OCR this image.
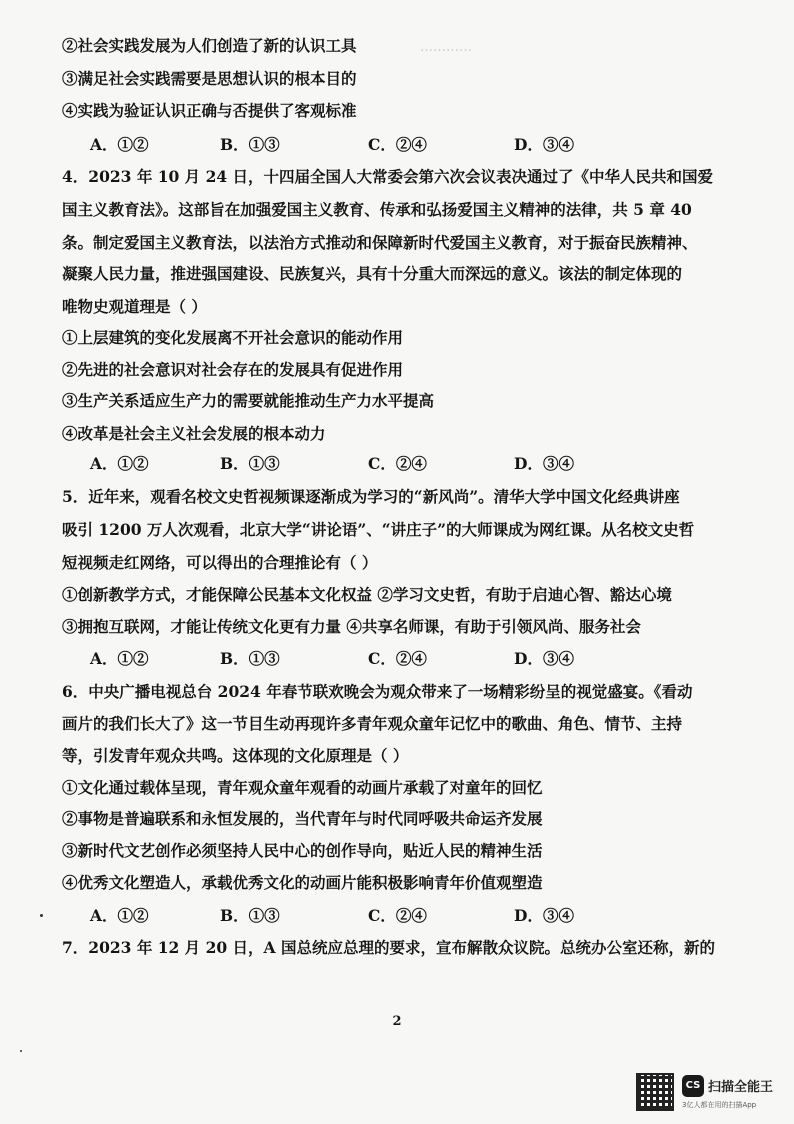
…………
②社会实践发展为人们创造了新的认识工具
③满足社会实践需要是思想认识的根本目的
④实践为验证认识正确与否提供了客观标准
A．①②	B．①③	C．②④	D．③④
4．2023 年 10 月 24 日，十四届全国人大常委会第六次会议表决通过了《中华人民共和国爱
国主义教育法》。这部旨在加强爱国主义教育、传承和弘扬爱国主义精神的法律，共 5 章 40
条。制定爱国主义教育法，以法治方式推动和保障新时代爱国主义教育，对于振奋民族精神、
凝聚人民力量，推进强国建设、民族复兴，具有十分重大而深远的意义。该法的制定体现的
唯物史观道理是（ ）
①上层建筑的变化发展离不开社会意识的能动作用
②先进的社会意识对社会存在的发展具有促进作用
③生产关系适应生产力的需要就能推动生产力水平提高
④改革是社会主义社会发展的根本动力
A．①②	B．①③	C．②④	D．③④
5．近年来，观看名校文史哲视频课逐渐成为学习的“新风尚”。清华大学中国文化经典讲座
吸引 1200 万人次观看，北京大学“讲论语”、“讲庄子”的大师课成为网红课。从名校文史哲
短视频走红网络，可以得出的合理推论有（ ）
①创新教学方式，才能保障公民基本文化权益 ②学习文史哲，有助于启迪心智、豁达心境
③拥抱互联网，才能让传统文化更有力量 ④共享名师课，有助于引领风尚、服务社会
A．①②	B．①③	C．②④	D．③④
6．中央广播电视总台 2024 年春节联欢晚会为观众带来了一场精彩纷呈的视觉盛宴。《看动
画片的我们长大了》这一节目生动再现许多青年观众童年记忆中的歌曲、角色、情节、主持
等，引发青年观众共鸣。这体现的文化原理是（ ）
①文化通过载体呈现，青年观众童年观看的动画片承载了对童年的回忆
②事物是普遍联系和永恒发展的，当代青年与时代同呼吸共命运齐发展
③新时代文艺创作必须坚持人民中心的创作导向，贴近人民的精神生活
④优秀文化塑造人，承载优秀文化的动画片能积极影响青年价值观塑造
A．①②	B．①③	C．②④	D．③④
7．2023 年 12 月 20 日，A 国总统应总理的要求，宣布解散众议院。总统办公室还称，新的
2
CS 扫描全能王
3亿人都在用的扫描App
